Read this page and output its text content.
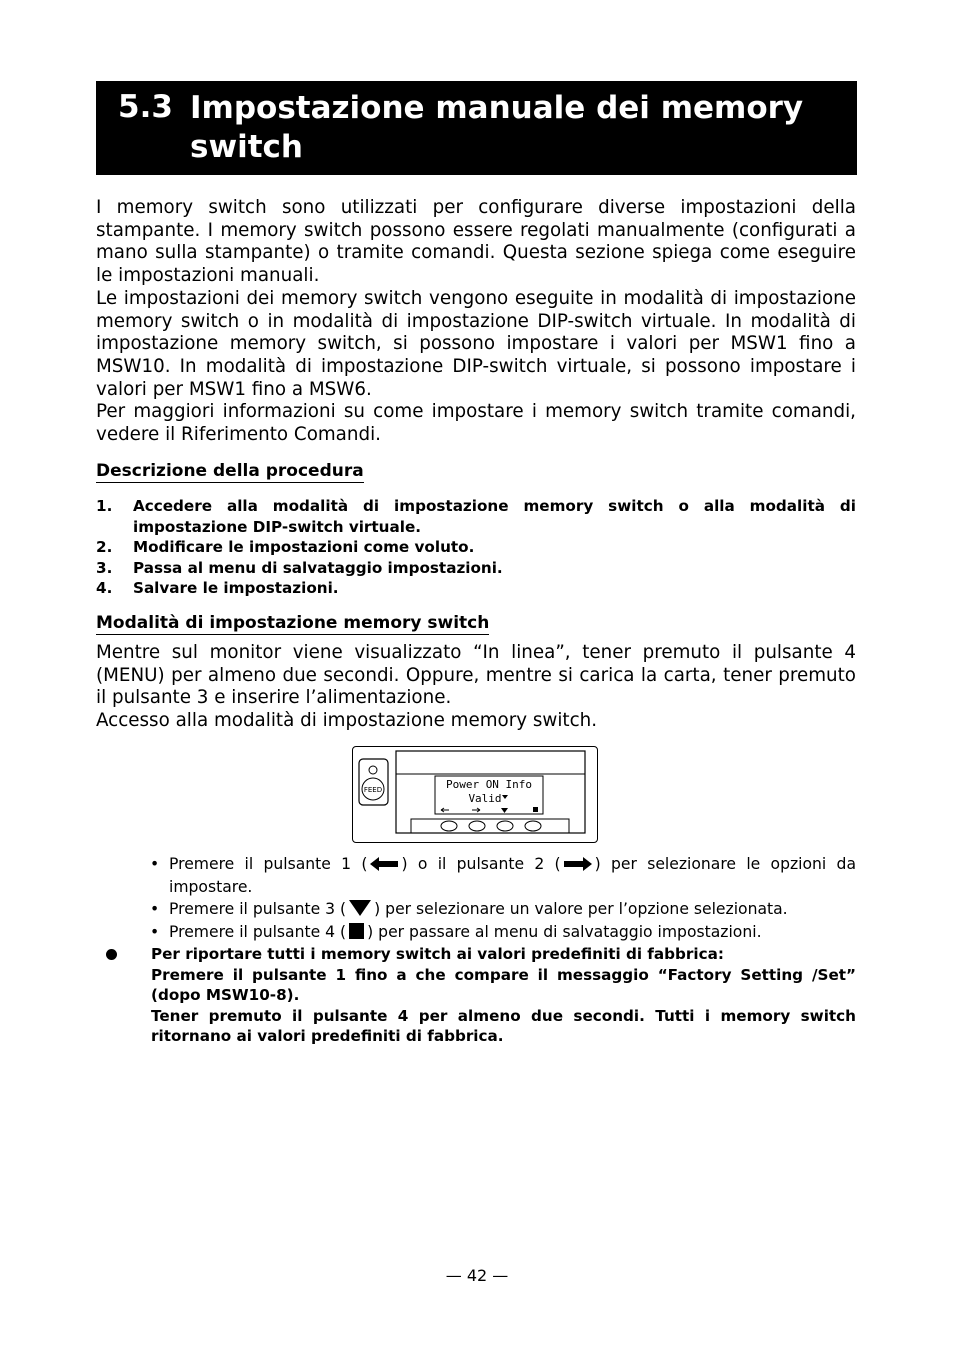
5.3 Impostazione manuale dei memory switch

I memory switch sono utilizzati per configurare diverse impostazioni della stampante. I memory switch possono essere regolati manualmente (configurati a mano sulla stampante) o tramite comandi. Questa sezione spiega come eseguire le impostazioni manuali.

Le impostazioni dei memory switch vengono eseguite in modalità di impostazione memory switch o in modalità di impostazione DIP-switch virtuale. In modalità di impostazione memory switch, si possono impostare i valori per MSW1 fino a MSW10. In modalità di impostazione DIP-switch virtuale, si possono impostare i valori per MSW1 fino a MSW6.

Per maggiori informazioni su come impostare i memory switch tramite comandi, vedere il Riferimento Comandi.

Descrizione della procedura
1. Accedere alla modalità di impostazione memory switch o alla modalità di impostazione DIP-switch virtuale.
2. Modificare le impostazioni come voluto.
3. Passa al menu di salvataggio impostazioni.
4. Salvare le impostazioni.
Modalità di impostazione memory switch

Mentre sul monitor viene visualizzato “In linea”, tener premuto il pulsante 4 (MENU) per almeno due secondi. Oppure, mentre si carica la carta, tener premuto il pulsante 3 e inserire l’alimentazione.

Accesso alla modalità di impostazione memory switch.

FEED	Power ON Info
Valid
• Premere il pulsante 1 ( ) o il pulsante 2 ( ) per selezionare le opzioni da impostare.
• Premere il pulsante 3 ( ) per selezionare un valore per l’opzione selezionata.
• Premere il pulsante 4 ( ) per passare al menu di salvataggio impostazioni.
Per riportare tutti i memory switch ai valori predefiniti di fabbrica:
Premere il pulsante 1 fino a che compare il messaggio “Factory Setting /Set” (dopo MSW10-8).
Tener premuto il pulsante 4 per almeno due secondi. Tutti i memory switch ritornano ai valori predefiniti di fabbrica.
— 42 —
